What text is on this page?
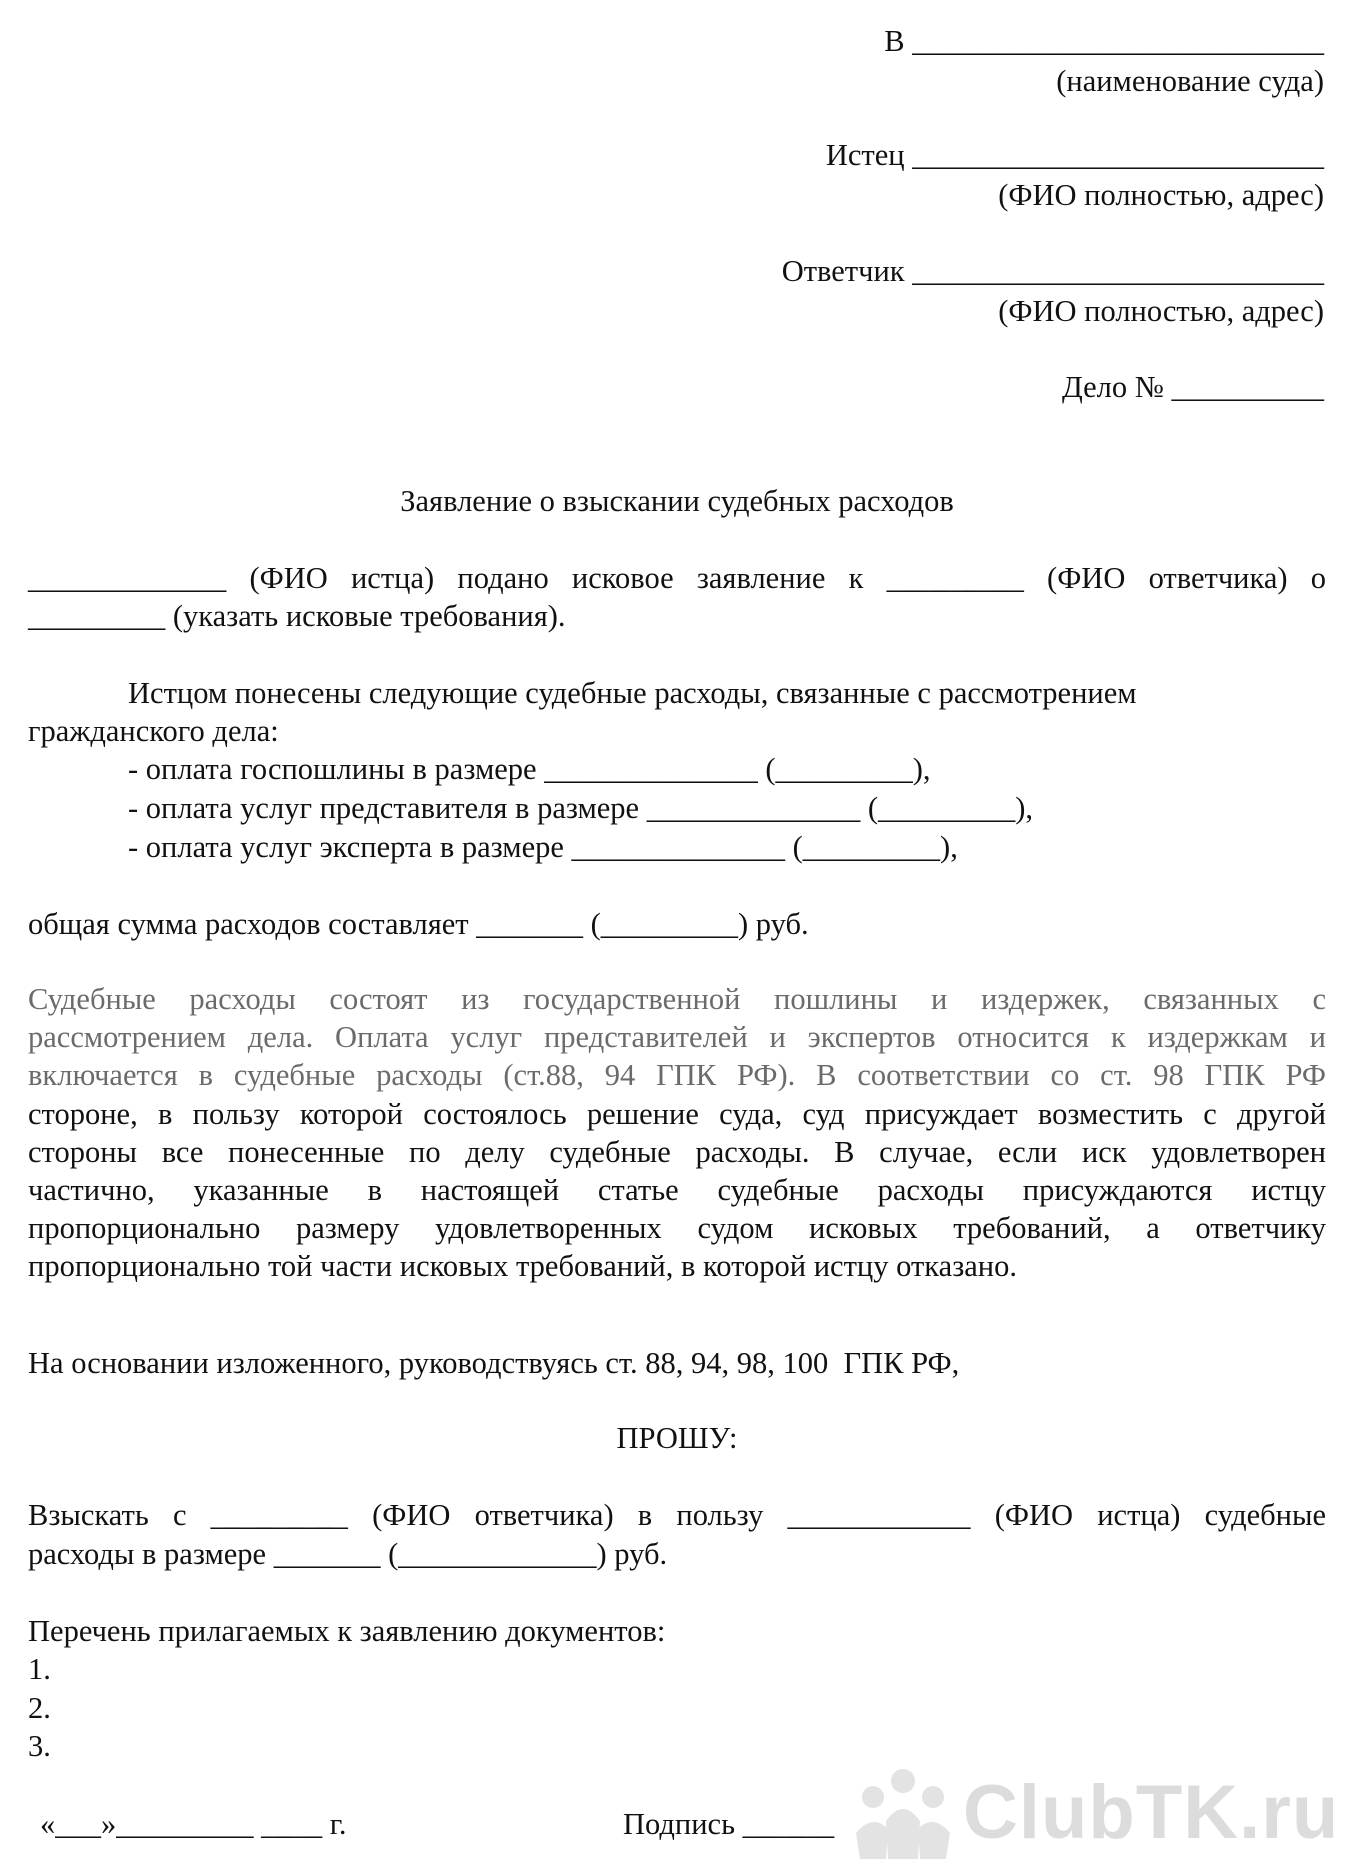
В ___________________________
(наименование суда)
Истец ___________________________
(ФИО полностью, адрес)
Ответчик ___________________________
(ФИО полностью, адрес)
Дело № __________
Заявление о взыскании судебных расходов
_____________ (ФИО истца) подано исковое заявление к _________ (ФИО ответчика) о
_________ (указать исковые требования).
Истцом понесены следующие судебные расходы, связанные с рассмотрением
гражданского дела:
- оплата госпошлины в размере ______________ (_________),
- оплата услуг представителя в размере ______________ (_________),
- оплата услуг эксперта в размере ______________ (_________),
общая сумма расходов составляет _______ (_________) руб.
Судебные расходы состоят из государственной пошлины и издержек, связанных с
рассмотрением дела. Оплата услуг представителей и экспертов относится к издержкам и
включается в судебные расходы (ст.88, 94 ГПК РФ). В соответствии со ст. 98 ГПК РФ
стороне, в пользу которой состоялось решение суда, суд присуждает возместить с другой
стороны все понесенные по делу судебные расходы. В случае, если иск удовлетворен
частично, указанные в настоящей статье судебные расходы присуждаются истцу
пропорционально размеру удовлетворенных судом исковых требований, а ответчику
пропорционально той части исковых требований, в которой истцу отказано.
На основании изложенного, руководствуясь ст. 88, 94, 98, 100  ГПК РФ,
ПРОШУ:
Взыскать с _________ (ФИО ответчика) в пользу ____________ (ФИО истца) судебные
расходы в размере _______ (_____________) руб.
Перечень прилагаемых к заявлению документов:
1.
2.
3.
«___»_________ ____ г.	Подпись ______ ClubTK.ru
